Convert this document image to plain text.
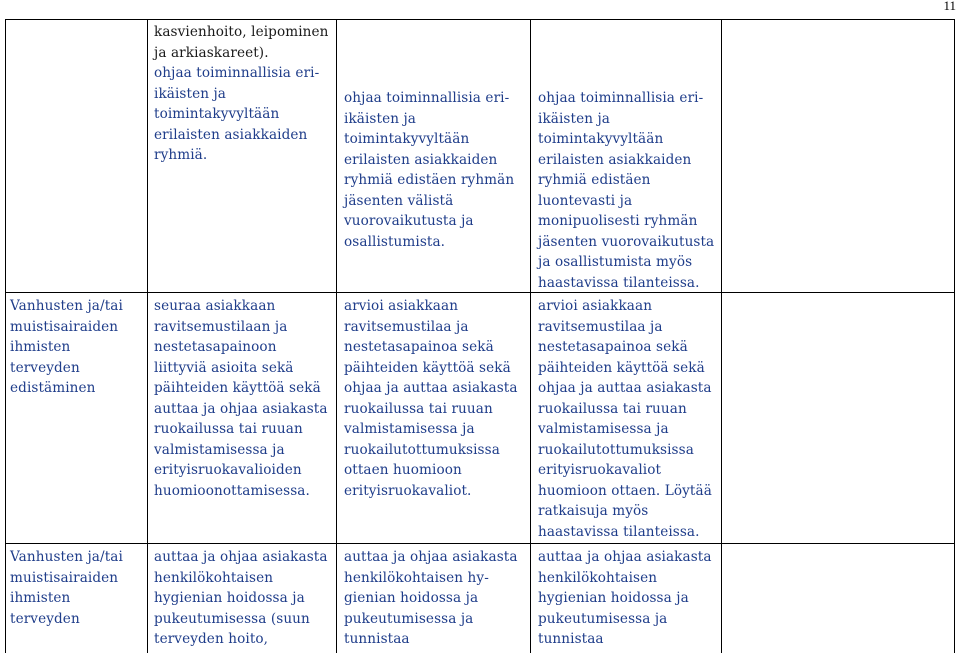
11

kasvienhoito, leipominen ja arkiaskareet).

ohjaa toiminnallisia eri-ikäisten ja toimintakyvyltään erilaisten asiakkaiden ryhmiä.

ohjaa toiminnallisia eri-ikäisten ja toimintakyvyltään erilaisten asiakkaiden ryhmiä edistäen ryhmän jäsenten välistä vuorovaikutusta ja osallistumista.

ohjaa toiminnallisia eri-ikäisten ja toimintakyvyltään erilaisten asiakkaiden ryhmiä edistäen luontevasti ja monipuolisesti ryhmän jäsenten vuorovaikutusta ja osallistumista myös haastavissa tilanteissa.

Vanhusten ja/tai muistisairaiden ihmisten terveyden edistäminen

seuraa asiakkaan ravitsemustilaan ja nestetasapainoon liittyviä asioita sekä päihteiden käyttöä sekä auttaa ja ohjaa asiakasta ruokailussa tai ruuan valmistamisessa ja erityisruokavalioiden huomioonottamisessa.

arvioi asiakkaan ravitsemustilaa ja nestetasapainoa sekä päihteiden käyttöä sekä ohjaa ja auttaa asiakasta ruokailussa tai ruuan valmistamisessa ja ruokailutottumuksissa ottaen huomioon erityisruokavaliot.

arvioi asiakkaan ravitsemustilaa ja nestetasapainoa sekä päihteiden käyttöä sekä ohjaa ja auttaa asiakasta ruokailussa tai ruuan valmistamisessa ja ruokailutottumuksissa erityisruokavaliot huomioon ottaen. Löytää ratkaisuja myös haastavissa tilanteissa.

Vanhusten ja/tai muistisairaiden ihmisten terveyden

auttaa ja ohjaa asiakasta henkilökohtaisen hygienian hoidossa ja pukeutumisessa (suun terveyden hoito,

auttaa ja ohjaa asiakasta henkilökohtaisen hy-gienian hoidossa ja pukeutumisessa ja tunnistaa

auttaa ja ohjaa asiakasta henkilökohtaisen hygienian hoidossa ja pukeutumisessa ja tunnistaa
